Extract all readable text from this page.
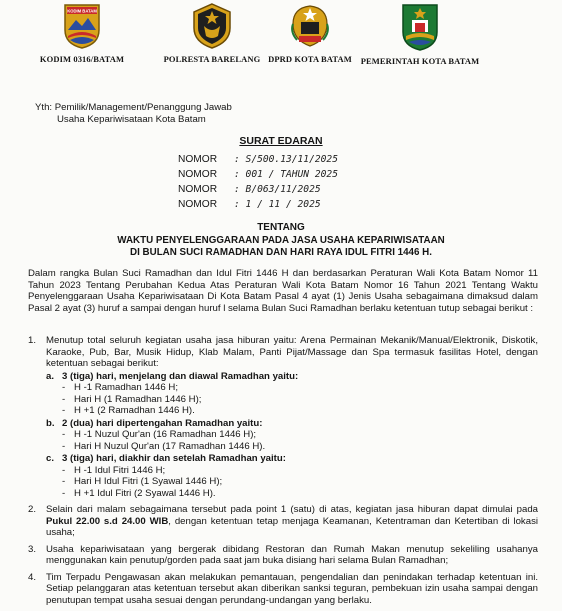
KODIM BATAM
KODIM 0316/BATAM	POLRESTA BARELANG DPRD KOTA BATAM	PEMERINTAH KOTA BATAM
Yth: Pemilik/Management/Penanggung Jawab
Usaha Kepariwisataan Kota Batam
SURAT EDARAN
NOMOR	: S/500.13/11/2025
NOMOR	: 001 / TAHUN 2025
NOMOR	: B/063/11/2025
NOMOR	: 1 / 11 / 2025
TENTANG
WAKTU PENYELENGGARAAN PADA JASA USAHA KEPARIWISATAAN
DI BULAN SUCI RAMADHAN DAN HARI RAYA IDUL FITRI 1446 H.
Dalam rangka Bulan Suci Ramadhan dan Idul Fitri 1446 H dan berdasarkan Peraturan Wali Kota Batam Nomor 11 Tahun 2023 Tentang Perubahan Kedua Atas Peraturan Wali Kota Batam Nomor 16 Tahun 2021 Tentang Waktu Penyelenggaraan Usaha Kepariwisataan Di Kota Batam Pasal 4 ayat (1) Jenis Usaha sebagaimana dimaksud dalam Pasal 2 ayat (3) huruf a sampai dengan huruf l selama Bulan Suci Ramadhan berlaku ketentuan tutup sebagai berikut :
1.	Menutup total seluruh kegiatan usaha jasa hiburan yaitu: Arena Permainan Mekanik/Manual/Elektronik, Diskotik, Karaoke, Pub, Bar, Musik Hidup, Klab Malam, Panti Pijat/Massage dan Spa termasuk fasilitas Hotel, dengan ketentuan sebagai berikut:
a. 3 (tiga) hari, menjelang dan diawal Ramadhan yaitu:
- H -1 Ramadhan 1446 H;
- Hari H (1 Ramadhan 1446 H);
- H +1 (2 Ramadhan 1446 H).
b. 2 (dua) hari dipertengahan Ramadhan yaitu:
- H -1 Nuzul Qur'an (16 Ramadhan 1446 H);
- Hari H Nuzul Qur'an (17 Ramadhan 1446 H).
c. 3 (tiga) hari, diakhir dan setelah Ramadhan yaitu:
- H -1 Idul Fitri 1446 H;
- Hari H Idul Fitri (1 Syawal 1446 H);
- H +1 Idul Fitri (2 Syawal 1446 H).
2.	Selain dari malam sebagaimana tersebut pada point 1 (satu) di atas, kegiatan jasa hiburan dapat dimulai pada Pukul 22.00 s.d 24.00 WIB, dengan ketentuan tetap menjaga Keamanan, Ketentraman dan Ketertiban di lokasi usaha;
3.	Usaha kepariwisataan yang bergerak dibidang Restoran dan Rumah Makan menutup sekeliling usahanya menggunakan kain penutup/gorden pada saat jam buka disiang hari selama Bulan Ramadhan;
4.	Tim Terpadu Pengawasan akan melakukan pemantauan, pengendalian dan penindakan terhadap ketentuan ini. Setiap pelanggaran atas ketentuan tersebut akan diberikan sanksi teguran, pembekuan izin usaha sampai dengan penutupan tempat usaha sesuai dengan perundang-undangan yang berlaku.
